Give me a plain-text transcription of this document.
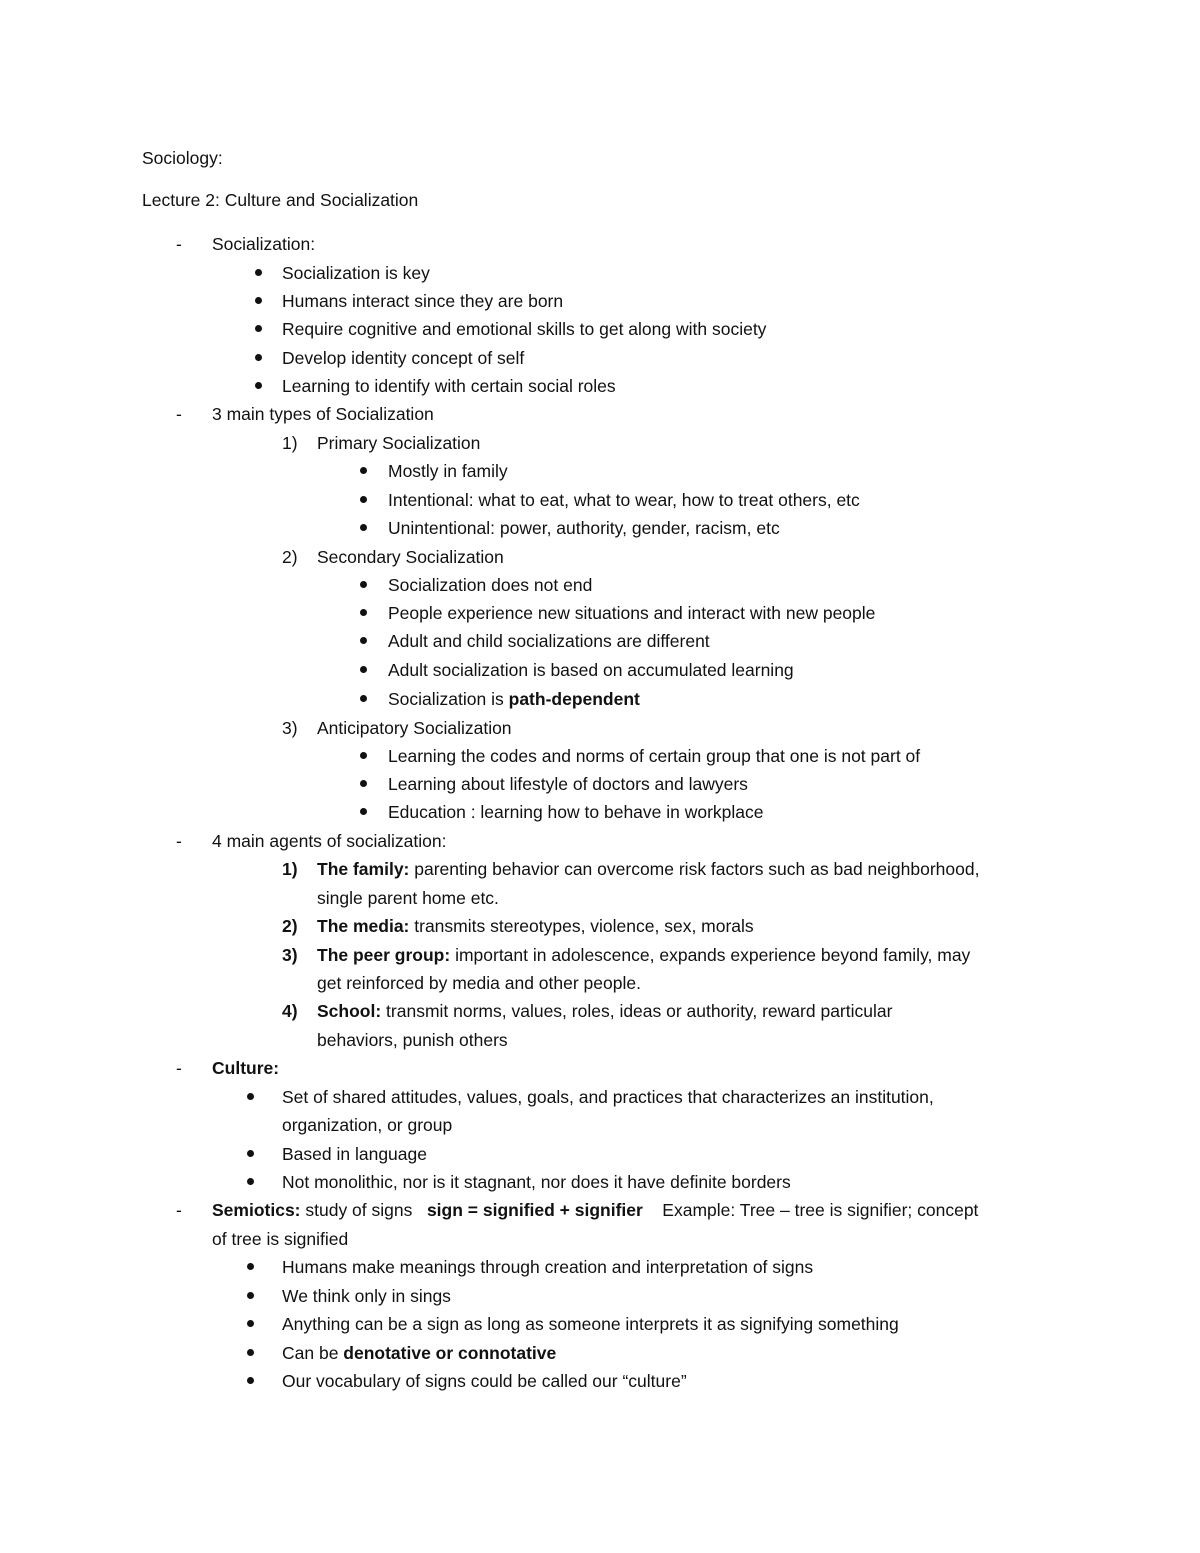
Sociology:
Lecture 2: Culture and Socialization
- Socialization:
Socialization is key
Humans interact since they are born
Require cognitive and emotional skills to get along with society
Develop identity concept of self
Learning to identify with certain social roles
- 3 main types of Socialization
1) Primary Socialization
Mostly in family
Intentional: what to eat, what to wear, how to treat others, etc
Unintentional: power, authority, gender, racism, etc
2) Secondary Socialization
Socialization does not end
People experience new situations and interact with new people
Adult and child socializations are different
Adult socialization is based on accumulated learning
Socialization is path-dependent
3) Anticipatory Socialization
Learning the codes and norms of certain group that one is not part of
Learning about lifestyle of doctors and lawyers
Education : learning how to behave in workplace
- 4 main agents of socialization:
1) The family: parenting behavior can overcome risk factors such as bad neighborhood,
single parent home etc.
2) The media: transmits stereotypes, violence, sex, morals
3) The peer group: important in adolescence, expands experience beyond family, may
get reinforced by media and other people.
4) School: transmit norms, values, roles, ideas or authority, reward particular
behaviors, punish others
- Culture:
Set of shared attitudes, values, goals, and practices that characterizes an institution,
organization, or group
Based in language
Not monolithic, nor is it stagnant, nor does it have definite borders
- Semiotics: study of signs   sign = signified + signifier    Example: Tree – tree is signifier; concept
of tree is signified
Humans make meanings through creation and interpretation of signs
We think only in sings
Anything can be a sign as long as someone interprets it as signifying something
Can be denotative or connotative
Our vocabulary of signs could be called our “culture”
